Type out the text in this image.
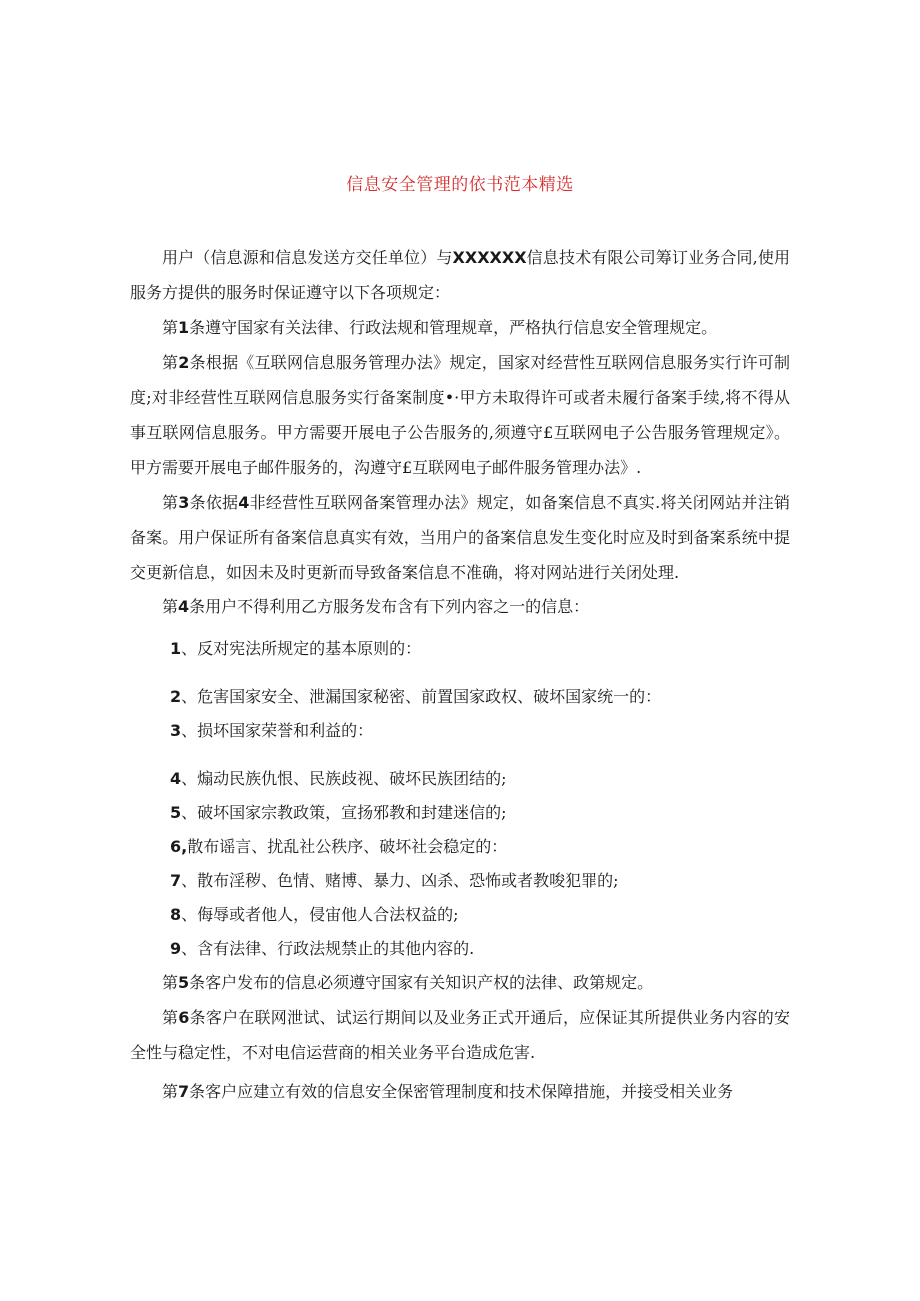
信息安全管理的依书范本精选

用户（信息源和信息发送方交任单位）与XXXXXX信息技术有限公司筹订业务合同,使用服务方提供的服务时保证遵守以下各项规定：

第1条遵守国家有关法律、行政法规和管理规章，严格执行信息安全管理规定。

第2条根据《互联网信息服务管理办法》规定，国家对经营性互联网信息服务实行许可制度;对非经营性互联网信息服务实行备案制度•·甲方未取得许可或者未履行备案手续,将不得从事互联网信息服务。甲方需要开展电子公告服务的,须遵守£互联网电子公告服务管理规定》。甲方需要开展电子邮件服务的，沟遵守£互联网电子邮件服务管理办法》.

第3条依据4非经营性互联网备案管理办法》规定，如备案信息不真实.将关闭网站并注销备案。用户保证所有备案信息真实有效，当用户的备案信息发生变化时应及时到备案系统中提交更新信息，如因未及时更新而导致备案信息不准确，将对网站进行关闭处理.

第4条用户不得利用乙方服务发布含有下列内容之一的信息：

1、反对宪法所规定的基本原则的：

2、危害国家安全、泄漏国家秘密、前置国家政权、破坏国家统一的：

3、损坏国家荣誉和利益的：

4、煽动民族仇恨、民族歧视、破坏民族团结的;

5、破坏国家宗教政策，宣扬邪教和封建迷信的;

6,散布谣言、扰乱社公秩序、破坏社会稳定的：

7、散布淫秽、色情、赌博、暴力、凶杀、恐怖或者教唆犯罪的;

8、侮辱或者他人，侵宙他人合法权益的;

9、含有法律、行政法规禁止的其他内容的.

第5条客户发布的信息必须遵守国家有关知识产权的法律、政第规定。

第6条客户在联网泄试、试运行期间以及业务正式开通后，应保证其所提供业务内容的安全性与稳定性，不对电信运营商的相关业务平台造成危害.

第7条客户应建立有效的信息安全保密管理制度和技术保障措施，并接受相关业务
